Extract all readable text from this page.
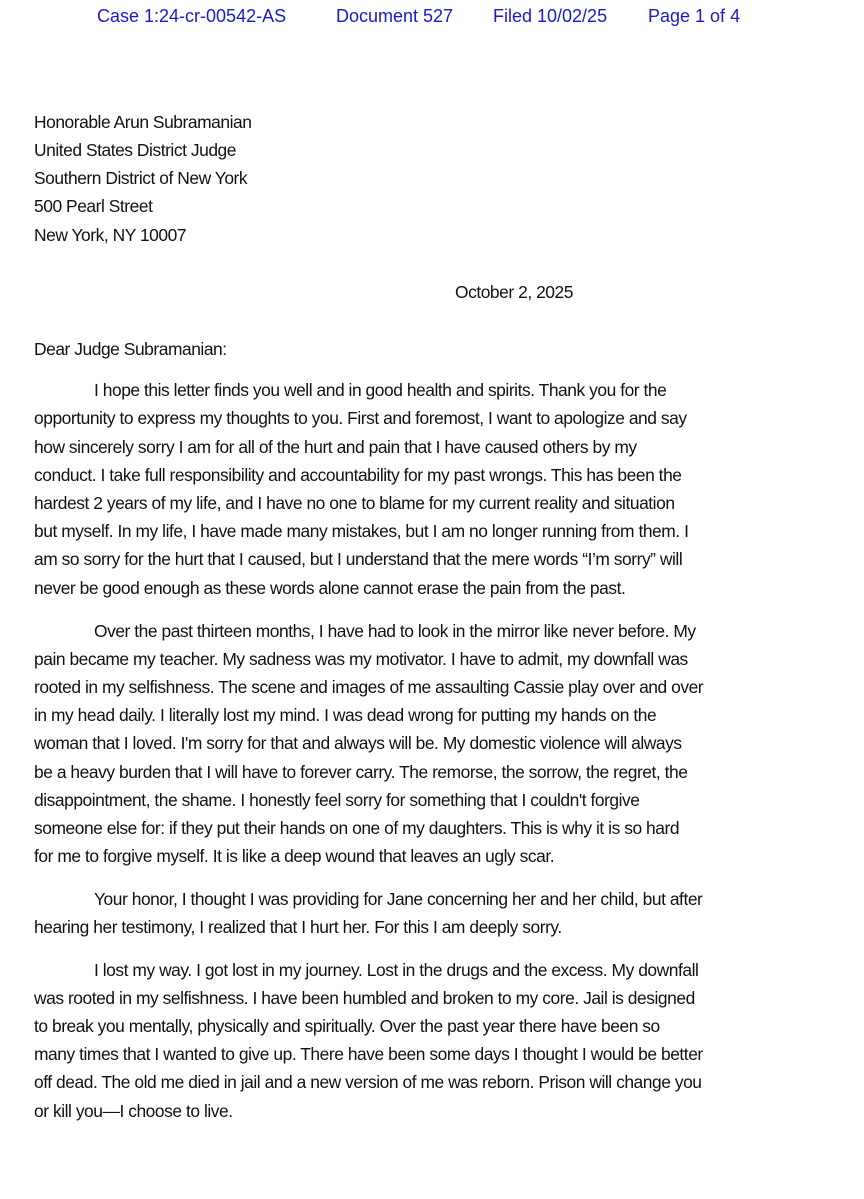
Case 1:24-cr-00542-AS	Document 527 Filed 10/02/25 Page 1 of 4
Honorable Arun Subramanian
United States District Judge
Southern District of New York
500 Pearl Street
New York, NY 10007
October 2, 2025
Dear Judge Subramanian:
I hope this letter finds you well and in good health and spirits. Thank you for the
opportunity to express my thoughts to you. First and foremost, I want to apologize and say
how sincerely sorry I am for all of the hurt and pain that I have caused others by my
conduct. I take full responsibility and accountability for my past wrongs. This has been the
hardest 2 years of my life, and I have no one to blame for my current reality and situation
but myself. In my life, I have made many mistakes, but I am no longer running from them. I
am so sorry for the hurt that I caused, but I understand that the mere words “I’m sorry” will
never be good enough as these words alone cannot erase the pain from the past.
Over the past thirteen months, I have had to look in the mirror like never before. My
pain became my teacher. My sadness was my motivator. I have to admit, my downfall was
rooted in my selfishness. The scene and images of me assaulting Cassie play over and over
in my head daily. I literally lost my mind. I was dead wrong for putting my hands on the
woman that I loved. I'm sorry for that and always will be. My domestic violence will always
be a heavy burden that I will have to forever carry. The remorse, the sorrow, the regret, the
disappointment, the shame. I honestly feel sorry for something that I couldn't forgive
someone else for: if they put their hands on one of my daughters. This is why it is so hard
for me to forgive myself. It is like a deep wound that leaves an ugly scar.
Your honor, I thought I was providing for Jane concerning her and her child, but after
hearing her testimony, I realized that I hurt her. For this I am deeply sorry.
I lost my way. I got lost in my journey. Lost in the drugs and the excess. My downfall
was rooted in my selfishness. I have been humbled and broken to my core. Jail is designed
to break you mentally, physically and spiritually. Over the past year there have been so
many times that I wanted to give up. There have been some days I thought I would be better
off dead. The old me died in jail and a new version of me was reborn. Prison will change you
or kill you—I choose to live.
